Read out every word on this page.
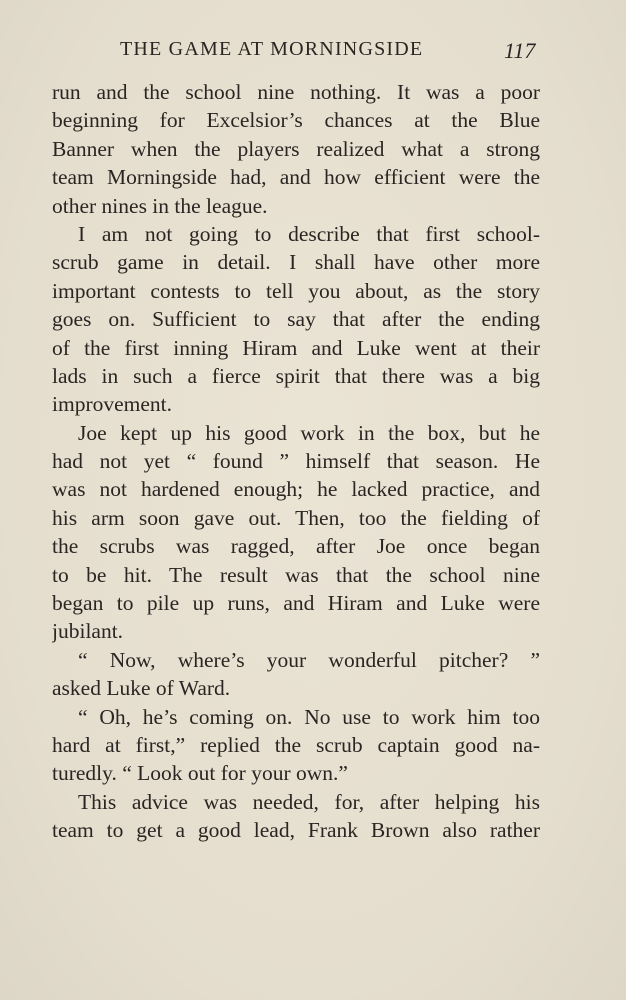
THE GAME AT MORNINGSIDE	117
run and the school nine nothing. It was a poor
beginning for Excelsior’s chances at the Blue
Banner when the players realized what a strong
team Morningside had, and how efficient were the
other nines in the league.
I am not going to describe that first school-
scrub game in detail. I shall have other more
important contests to tell you about, as the story
goes on. Sufficient to say that after the ending
of the first inning Hiram and Luke went at their
lads in such a fierce spirit that there was a big
improvement.
Joe kept up his good work in the box, but he
had not yet “ found ” himself that season. He
was not hardened enough; he lacked practice, and
his arm soon gave out. Then, too the fielding of
the scrubs was ragged, after Joe once began
to be hit. The result was that the school nine
began to pile up runs, and Hiram and Luke were
jubilant.
“ Now, where’s your wonderful pitcher? ”
asked Luke of Ward.
“ Oh, he’s coming on. No use to work him too
hard at first,” replied the scrub captain good na-
turedly. “ Look out for your own.”
This advice was needed, for, after helping his
team to get a good lead, Frank Brown also rather
